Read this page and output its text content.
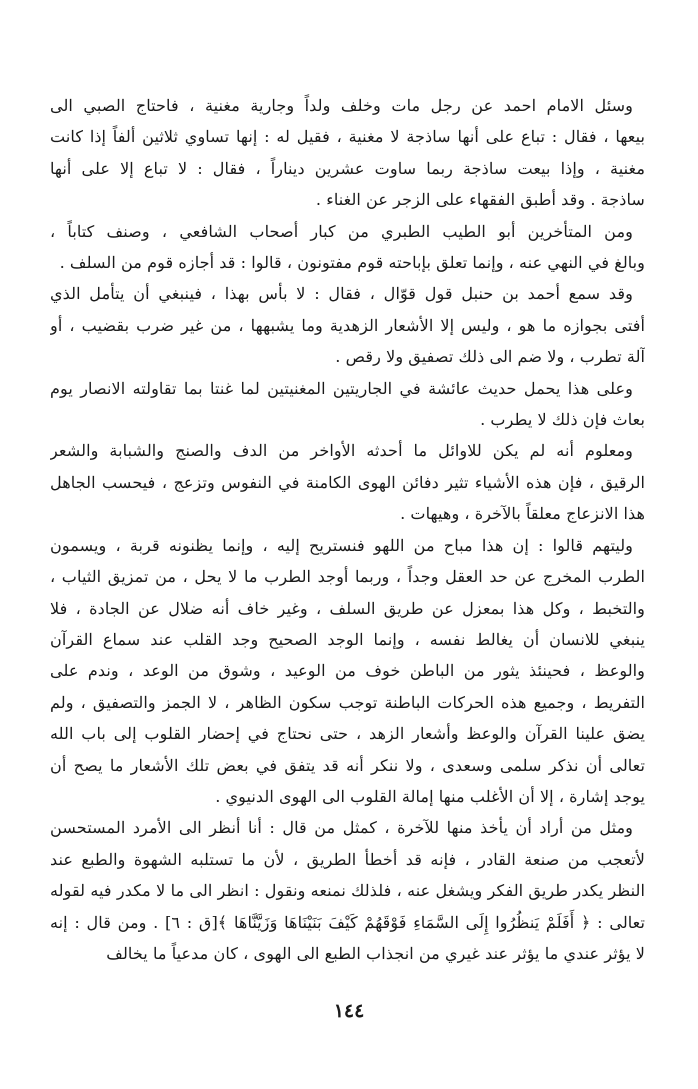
وسئل الامام احمد عن رجل مات وخلف ولداً وجارية مغنية ، فاحتاج الصبي الى
بيعها ، فقال : تباع على أنها ساذجة لا مغنية ، فقيل له : إنها تساوي ثلاثين ألفاً إذا كانت
مغنية ، وإذا بيعت ساذجة ربما ساوت عشرين ديناراً ، فقال : لا تباع إلا على أنها
ساذجة . وقد أطبق الفقهاء على الزجر عن الغناء .
ومن المتأخرين أبو الطيب الطبري من كبار أصحاب الشافعي ، وصنف كتاباً ،
وبالغ في النهي عنه ، وإنما تعلق بإباحته قوم مفتونون ، قالوا : قد أجازه قوم من السلف .
وقد سمع أحمد بن حنبل قول قوّال ، فقال : لا بأس بهذا ، فينبغي أن يتأمل الذي
أفتى بجوازه ما هو ، وليس إلا الأشعار الزهدية وما يشبهها ، من غير ضرب بقضيب ، أو
آلة تطرب ، ولا ضم الى ذلك تصفيق ولا رقص .
وعلى هذا يحمل حديث عائشة في الجاريتين المغنيتين لما غنتا بما تقاولته الانصار يوم
بعاث فإن ذلك لا يطرب .
ومعلوم أنه لم يكن للاوائل ما أحدثه الأواخر من الدف والصنج والشبابة والشعر
الرقيق ، فإن هذه الأشياء تثير دفائن الهوى الكامنة في النفوس وتزعج ، فيحسب الجاهل
هذا الانزعاج معلقاً بالآخرة ، وهيهات .
وليتهم قالوا : إن هذا مباح من اللهو فنستريح إليه ، وإنما يظنونه قربة ، ويسمون
الطرب المخرج عن حد العقل وجداً ، وربما أوجد الطرب ما لا يحل ، من تمزيق الثياب ،
والتخبط ، وكل هذا بمعزل عن طريق السلف ، وغير خاف أنه ضلال عن الجادة ، فلا
ينبغي للانسان أن يغالط نفسه ، وإنما الوجد الصحيح وجد القلب عند سماع القرآن
والوعظ ، فحينئذ يثور من الباطن خوف من الوعيد ، وشوق من الوعد ، وندم على
التفريط ، وجميع هذه الحركات الباطنة توجب سكون الظاهر ، لا الجمز والتصفيق ، ولم
يضق علينا القرآن والوعظ وأشعار الزهد ، حتى نحتاج في إحضار القلوب إلى باب الله
تعالى أن نذكر سلمى وسعدى ، ولا ننكر أنه قد يتفق في بعض تلك الأشعار ما يصح أن
يوجد إشارة ، إلا أن الأغلب منها إمالة القلوب الى الهوى الدنيوي .
ومثل من أراد أن يأخذ منها للآخرة ، كمثل من قال : أنا أنظر الى الأمرد المستحسن
لأتعجب من صنعة القادر ، فإنه قد أخطأ الطريق ، لأن ما تستلبه الشهوة والطبع عند
النظر يكدر طريق الفكر ويشغل عنه ، فلذلك نمنعه ونقول : انظر الى ما لا مكدر فيه لقوله
تعالى : ﴿ أَفَلَمْ يَنظُرُوا إِلَى السَّمَاءِ فَوْقَهُمْ كَيْفَ بَنَيْنَاهَا وَزَيَّنَّاهَا ﴾[ق : ٦] . ومن قال : إنه
لا يؤثر عندي ما يؤثر عند غيري من انجذاب الطبع الى الهوى ، كان مدعياً ما يخالف
١٤٤
